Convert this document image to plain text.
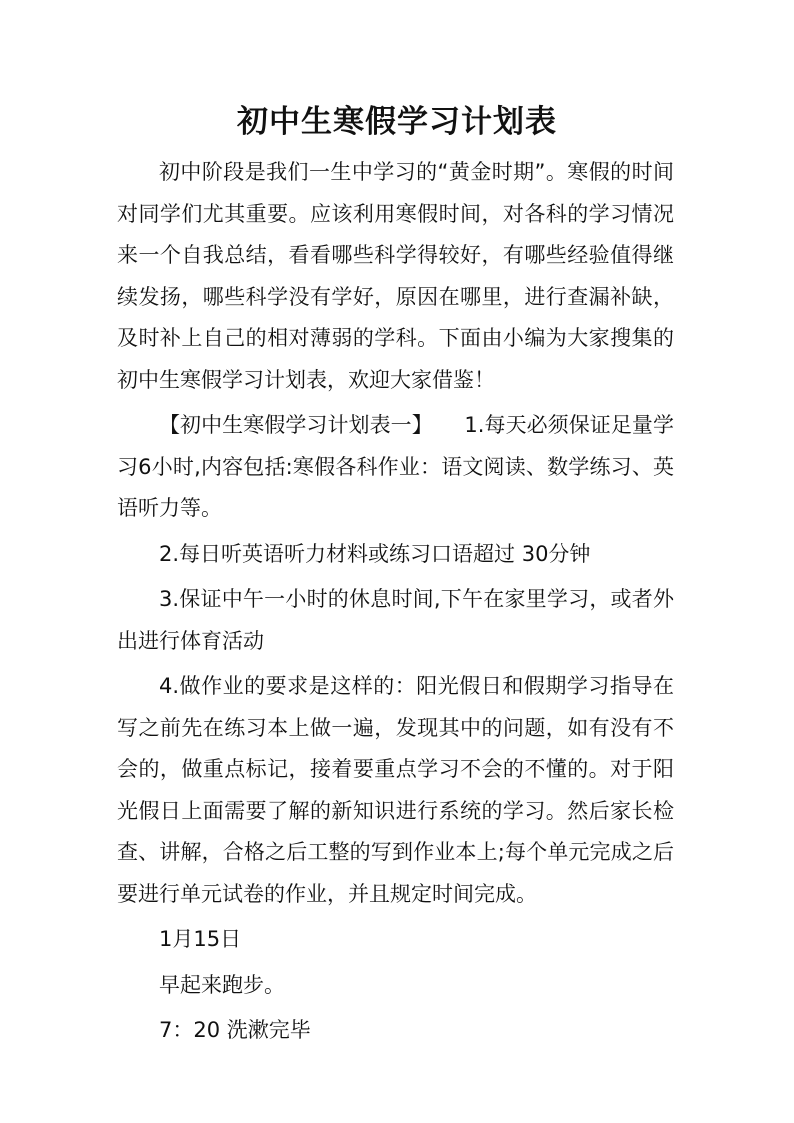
初中生寒假学习计划表

初中阶段是我们一生中学习的“黄金时期”。寒假的时间对同学们尤其重要。应该利用寒假时间，对各科的学习情况来一个自我总结，看看哪些科学得较好，有哪些经验值得继续发扬，哪些科学没有学好，原因在哪里，进行查漏补缺，及时补上自己的相对薄弱的学科。下面由小编为大家搜集的初中生寒假学习计划表，欢迎大家借鉴！

【初中生寒假学习计划表一】　　1.每天必须保证足量学习6小时,内容包括:寒假各科作业：语文阅读、数学练习、英语听力等。

2.每日听英语听力材料或练习口语超过 30分钟

3.保证中午一小时的休息时间,下午在家里学习，或者外出进行体育活动

4.做作业的要求是这样的：阳光假日和假期学习指导在写之前先在练习本上做一遍，发现其中的问题，如有没有不会的，做重点标记，接着要重点学习不会的不懂的。对于阳光假日上面需要了解的新知识进行系统的学习。然后家长检查、讲解，合格之后工整的写到作业本上;每个单元完成之后要进行单元试卷的作业，并且规定时间完成。

1月15日

早起来跑步。

7：20 洗漱完毕
